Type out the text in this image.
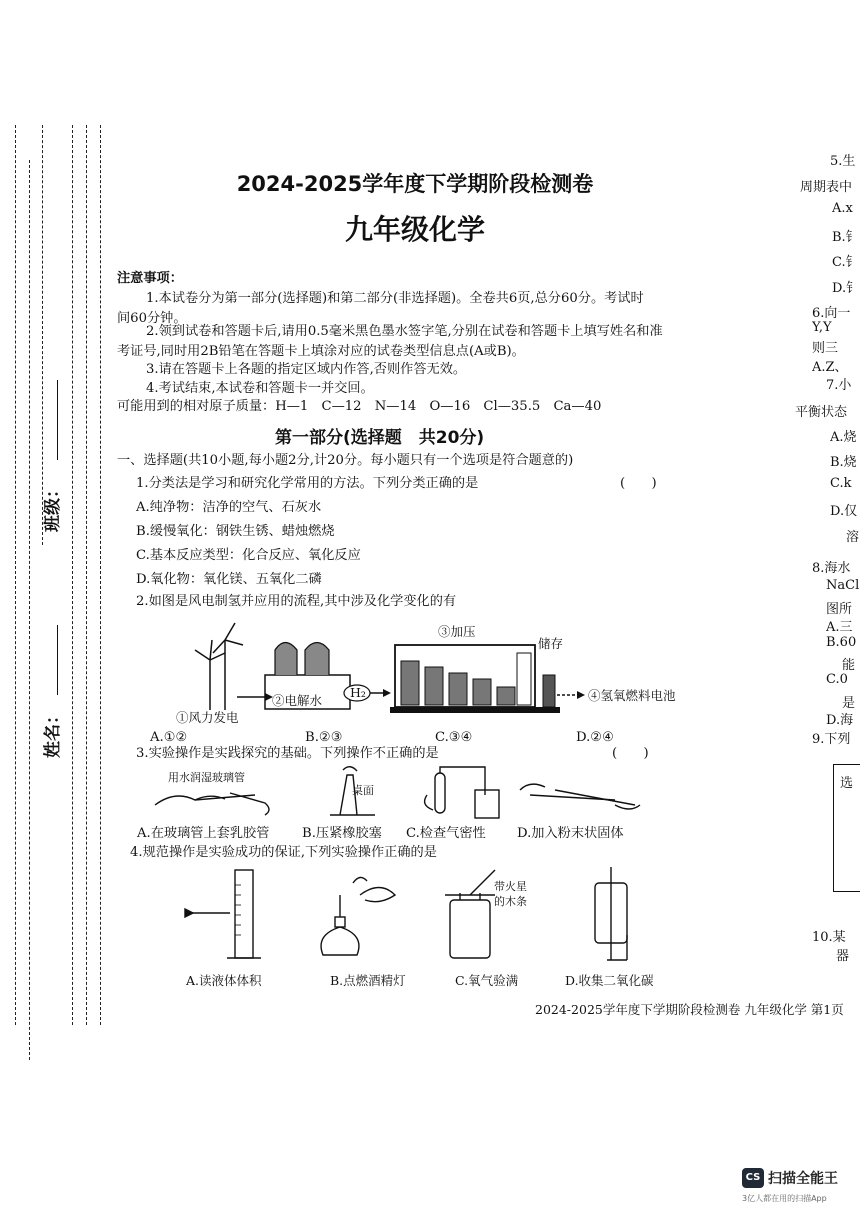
班级：
姓名：
2024-2025学年度下学期阶段检测卷
九年级化学
注意事项：
1.本试卷分为第一部分(选择题)和第二部分(非选择题)。全卷共6页,总分60分。考试时
间60分钟。
2.领到试卷和答题卡后,请用0.5毫米黑色墨水签字笔,分别在试卷和答题卡上填写姓名和准
考证号,同时用2B铅笔在答题卡上填涂对应的试卷类型信息点(A或B)。
3.请在答题卡上各题的指定区域内作答,否则作答无效。
4.考试结束,本试卷和答题卡一并交回。
可能用到的相对原子质量：H—1　C—12　N—14　O—16　Cl—35.5　Ca—40
第一部分(选择题　共20分)
一、选择题(共10小题,每小题2分,计20分。每小题只有一个选项是符合题意的)
1.分类法是学习和研究化学常用的方法。下列分类正确的是	(　　)
A.纯净物：洁净的空气、石灰水
B.缓慢氧化：钢铁生锈、蜡烛燃烧
C.基本反应类型：化合反应、氧化反应
D.氧化物：氧化镁、五氧化二磷
2.如图是风电制氢并应用的流程,其中涉及化学变化的有
①风力发电
②电解水
H₂
③加压
储存
④氢氧燃料电池
A.①②	B.②③	C.③④	D.②④
3.实验操作是实践探究的基础。下列操作不正确的是	(　　)
用水润湿玻璃管
桌面
A.在玻璃管上套乳胶管 B.压紧橡胶塞 C.检查气密性 D.加入粉末状固体
4.规范操作是实验成功的保证,下列实验操作正确的是
带火星
的木条
A.读液体体积	B.点燃酒精灯	C.氧气验满	D.收集二氧化碳
2024-2025学年度下学期阶段检测卷 九年级化学 第1页
5.生
周期表中
A.x
B.钅
C.钅
D.钅
6.向一
Y,Y
则三
A.Z、
7.小
平衡状态
A.烧
B.烧
C.k
D.仅
溶
8.海水
NaCl
图所
A.三
B.60
能
C.0
是
D.海
9.下列
选
10.某
器
CS 扫描全能王
3亿人都在用的扫描App
